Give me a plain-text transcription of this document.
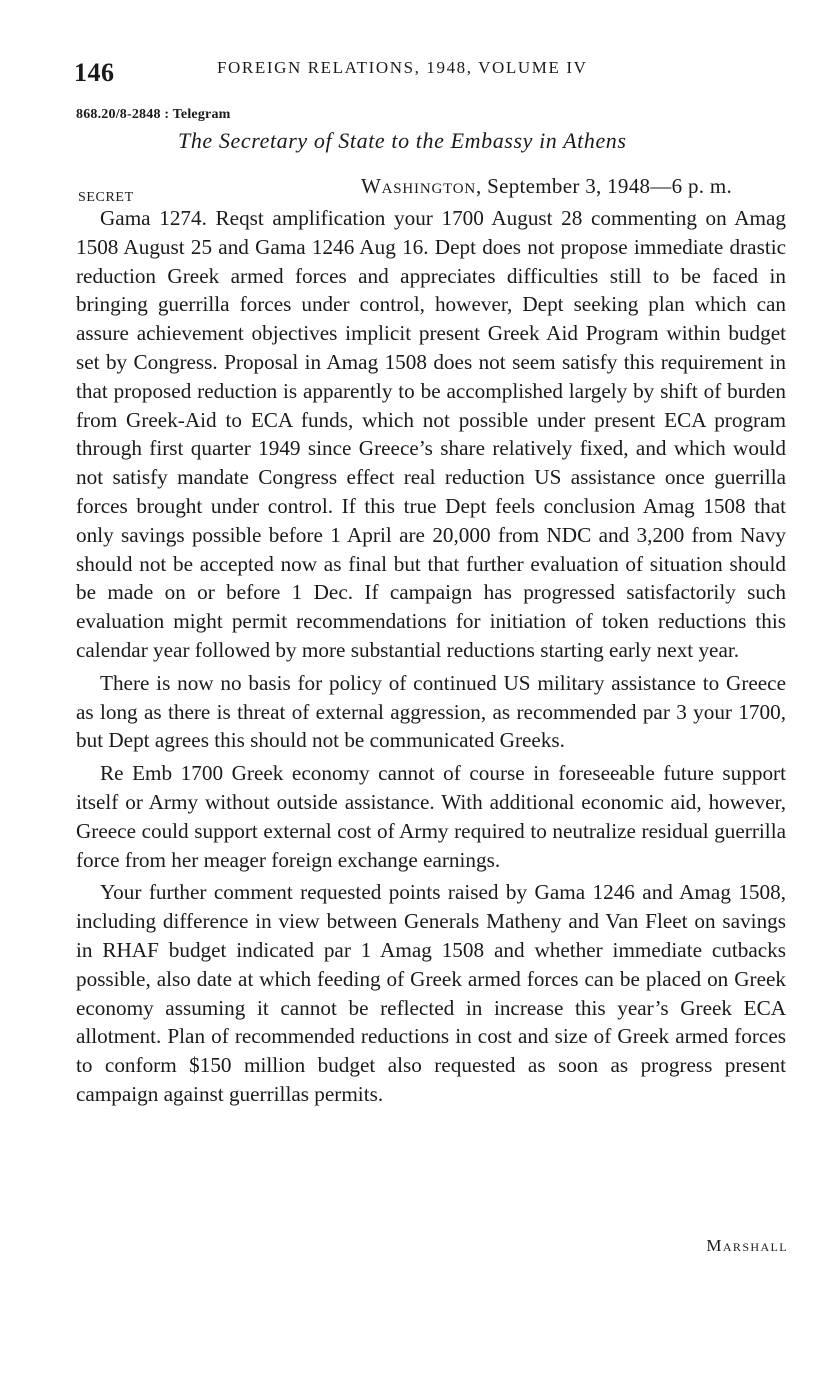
146	FOREIGN RELATIONS, 1948, VOLUME IV
868.20/8-2848 : Telegram
The Secretary of State to the Embassy in Athens
SECRET	Washington, September 3, 1948—6 p. m.

Gama 1274. Reqst amplification your 1700 August 28 commenting on Amag 1508 August 25 and Gama 1246 Aug 16. Dept does not propose immediate drastic reduction Greek armed forces and appreciates difficulties still to be faced in bringing guerrilla forces under control, however, Dept seeking plan which can assure achievement objectives implicit present Greek Aid Program within budget set by Congress. Proposal in Amag 1508 does not seem satisfy this requirement in that proposed reduction is apparently to be accomplished largely by shift of burden from Greek-Aid to ECA funds, which not possible under present ECA program through first quarter 1949 since Greece’s share relatively fixed, and which would not satisfy mandate Congress effect real reduction US assistance once guerrilla forces brought under control. If this true Dept feels conclusion Amag 1508 that only savings possible before 1 April are 20,000 from NDC and 3,200 from Navy should not be accepted now as final but that further evaluation of situation should be made on or before 1 Dec. If campaign has progressed satisfactorily such evaluation might permit recommendations for initiation of token reductions this calendar year followed by more substantial reductions starting early next year.

There is now no basis for policy of continued US military assistance to Greece as long as there is threat of external aggression, as recommended par 3 your 1700, but Dept agrees this should not be communicated Greeks.

Re Emb 1700 Greek economy cannot of course in foreseeable future support itself or Army without outside assistance. With additional economic aid, however, Greece could support external cost of Army required to neutralize residual guerrilla force from her meager foreign exchange earnings.

Your further comment requested points raised by Gama 1246 and Amag 1508, including difference in view between Generals Matheny and Van Fleet on savings in RHAF budget indicated par 1 Amag 1508 and whether immediate cutbacks possible, also date at which feeding of Greek armed forces can be placed on Greek economy assuming it cannot be reflected in increase this year’s Greek ECA allotment. Plan of recommended reductions in cost and size of Greek armed forces to conform $150 million budget also requested as soon as progress present campaign against guerrillas permits.

Marshall
